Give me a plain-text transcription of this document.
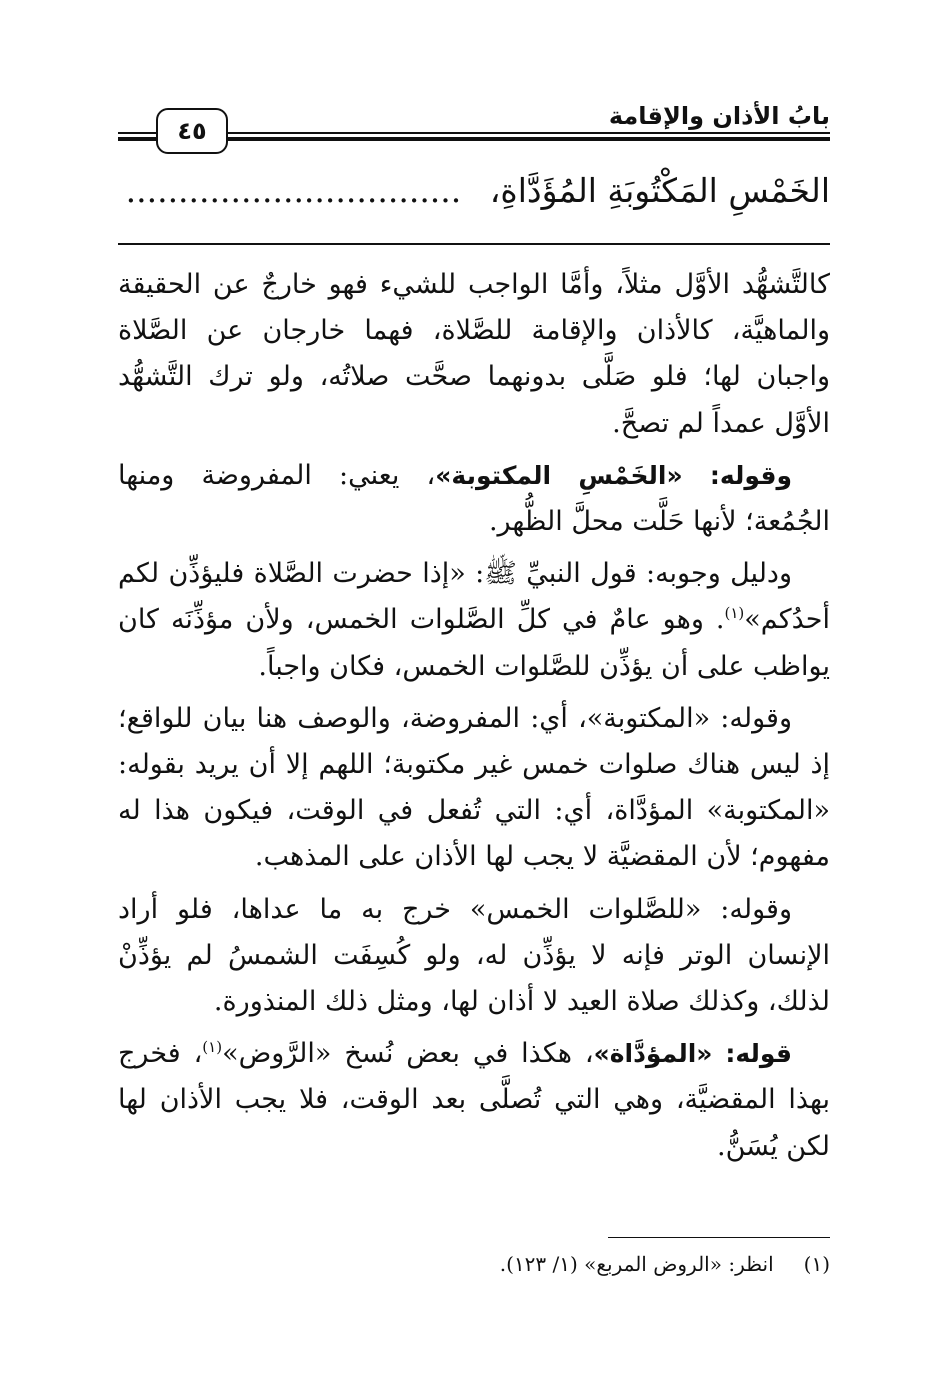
بابُ الأذان والإقامة
٤٥
الخَمْسِ المَكْتُوبَةِ المُؤَدَّاةِ، ................................

كالتَّشهُّد الأوَّل مثلاً، وأمَّا الواجب للشيء فهو خارجٌ عن الحقيقة والماهيَّة، كالأذان والإقامة للصَّلاة، فهما خارجان عن الصَّلاة واجبان لها؛ فلو صَلَّى بدونهما صحَّت صلاتُه، ولو ترك التَّشهُّد الأوَّل عمداً لم تصحَّ.

وقوله: «الخَمْسِ المكتوبة»، يعني: المفروضة ومنها الجُمُعة؛ لأنها حَلَّت محلَّ الظُّهر.

ودليل وجوبه: قول النبيِّ ﷺ: «إذا حضرت الصَّلاة فليؤذِّن لكم أحدُكم»$^{(١)}$. وهو عامٌ في كلِّ الصَّلوات الخمس، ولأن مؤذِّنَه كان يواظب على أن يؤذِّن للصَّلوات الخمس، فكان واجباً.

وقوله: «المكتوبة»، أي: المفروضة، والوصف هنا بيان للواقع؛ إذ ليس هناك صلوات خمس غير مكتوبة؛ اللهم إلا أن يريد بقوله: «المكتوبة» المؤدَّاة، أي: التي تُفعل في الوقت، فيكون هذا له مفهوم؛ لأن المقضيَّة لا يجب لها الأذان على المذهب.

وقوله: «للصَّلوات الخمس» خرج به ما عداها، فلو أراد الإنسان الوتر فإنه لا يؤذِّن له، ولو كُسِفَت الشمسُ لم يؤذِّنْ لذلك، وكذلك صلاة العيد لا أذان لها، ومثل ذلك المنذورة.

قوله: «المؤدَّاة»، هكذا في بعض نُسخ «الرَّوض»$^{(١)}$، فخرج بهذا المقضيَّة، وهي التي تُصلَّى بعد الوقت، فلا يجب الأذان لها لكن يُسَنُّ.

(١) انظر: «الروض المربع» (١/ ١٢٣).
